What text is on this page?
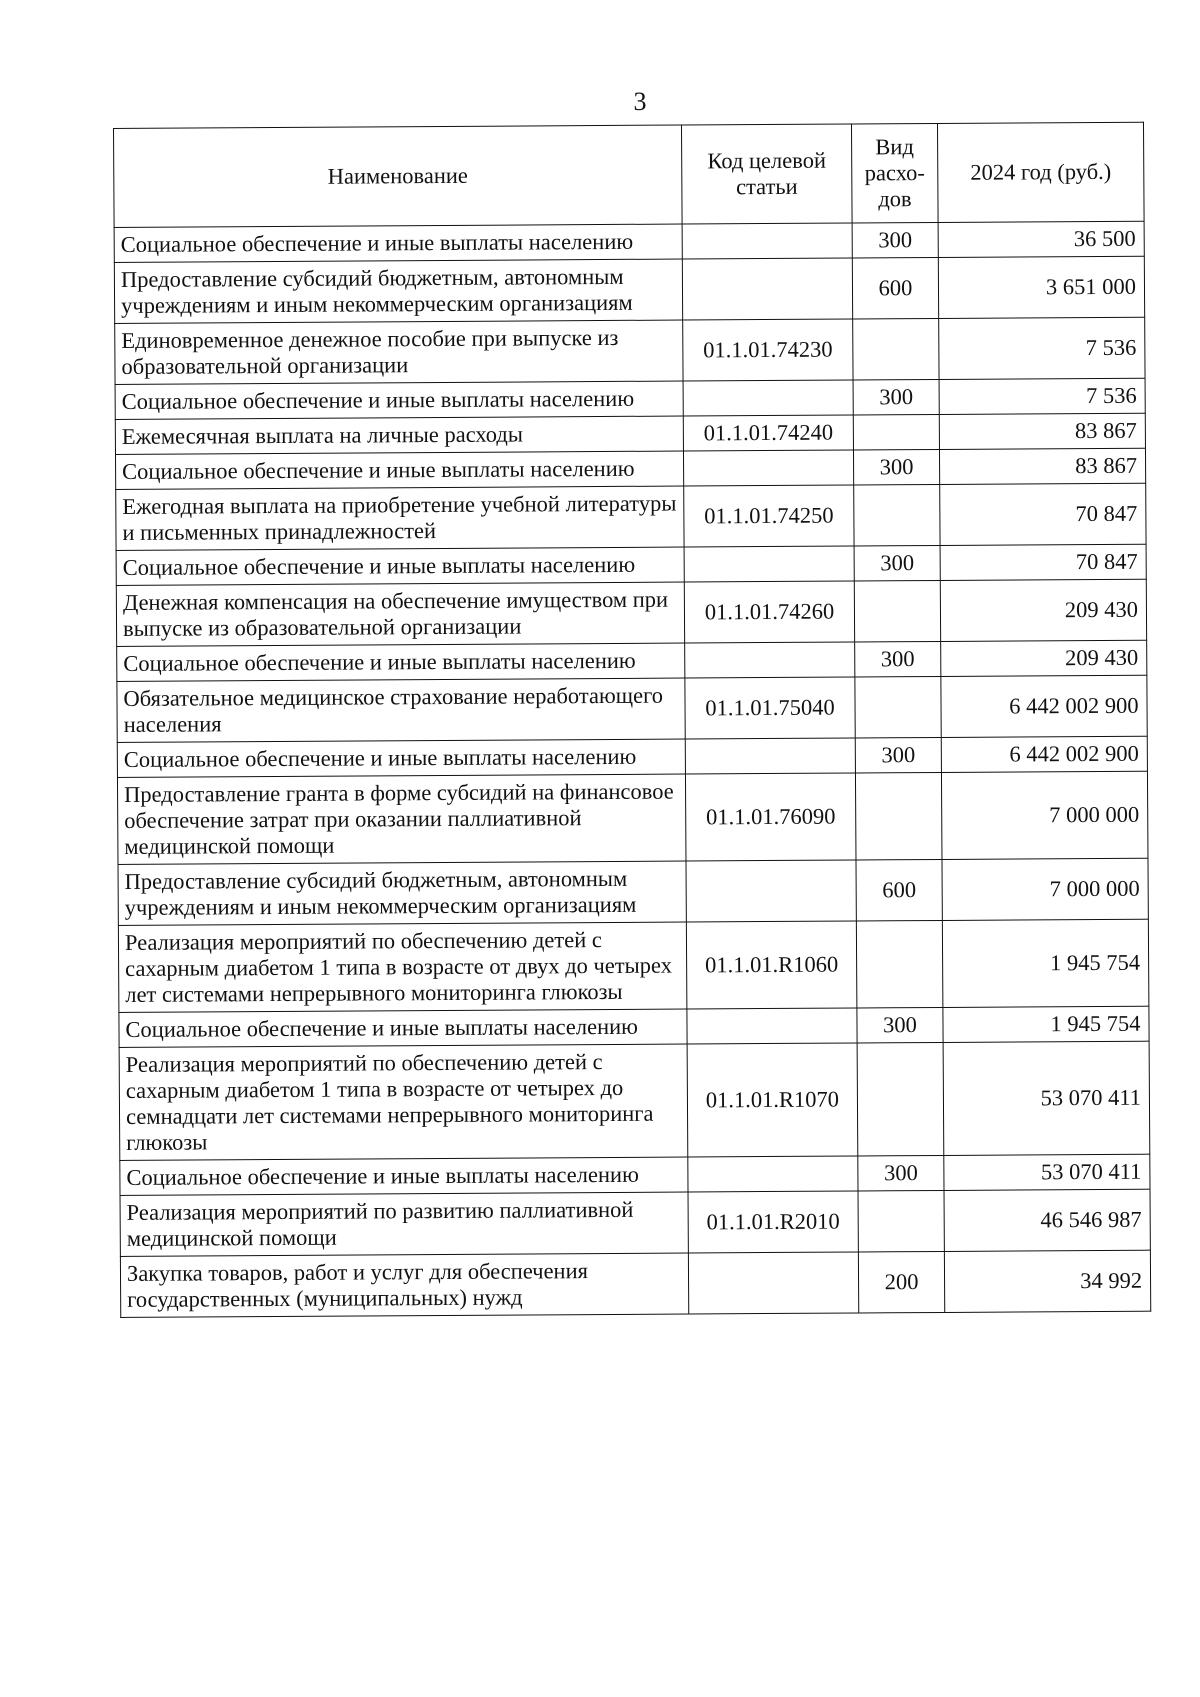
3
Наименование	Код целевой статьи	Вид расхо-дов	2024 год (руб.)
Социальное обеспечение и иные выплаты населению		300	36 500
Предоставление субсидий бюджетным, автономным учреждениям и иным некоммерческим организациям		600	3 651 000
Единовременное денежное пособие при выпуске из образовательной организации	01.1.01.74230		7 536
Социальное обеспечение и иные выплаты населению		300	7 536
Ежемесячная выплата на личные расходы	01.1.01.74240		83 867
Социальное обеспечение и иные выплаты населению		300	83 867
Ежегодная выплата на приобретение учебной литературы и письменных принадлежностей	01.1.01.74250		70 847
Социальное обеспечение и иные выплаты населению		300	70 847
Денежная компенсация на обеспечение имуществом при выпуске из образовательной организации	01.1.01.74260		209 430
Социальное обеспечение и иные выплаты населению		300	209 430
Обязательное медицинское страхование неработающего населения	01.1.01.75040		6 442 002 900
Социальное обеспечение и иные выплаты населению		300	6 442 002 900
Предоставление гранта в форме субсидий на финансовое обеспечение затрат при оказании паллиативной медицинской помощи	01.1.01.76090		7 000 000
Предоставление субсидий бюджетным, автономным учреждениям и иным некоммерческим организациям		600	7 000 000
Реализация мероприятий по обеспечению детей с сахарным диабетом 1 типа в возрасте от двух до четырех лет системами непрерывного мониторинга глюкозы	01.1.01.R1060		1 945 754
Социальное обеспечение и иные выплаты населению		300	1 945 754
Реализация мероприятий по обеспечению детей с сахарным диабетом 1 типа в возрасте от четырех до семнадцати лет системами непрерывного мониторинга глюкозы	01.1.01.R1070		53 070 411
Социальное обеспечение и иные выплаты населению		300	53 070 411
Реализация мероприятий по развитию паллиативной медицинской помощи	01.1.01.R2010		46 546 987
Закупка товаров, работ и услуг для обеспечения государственных (муниципальных) нужд		200	34 992
